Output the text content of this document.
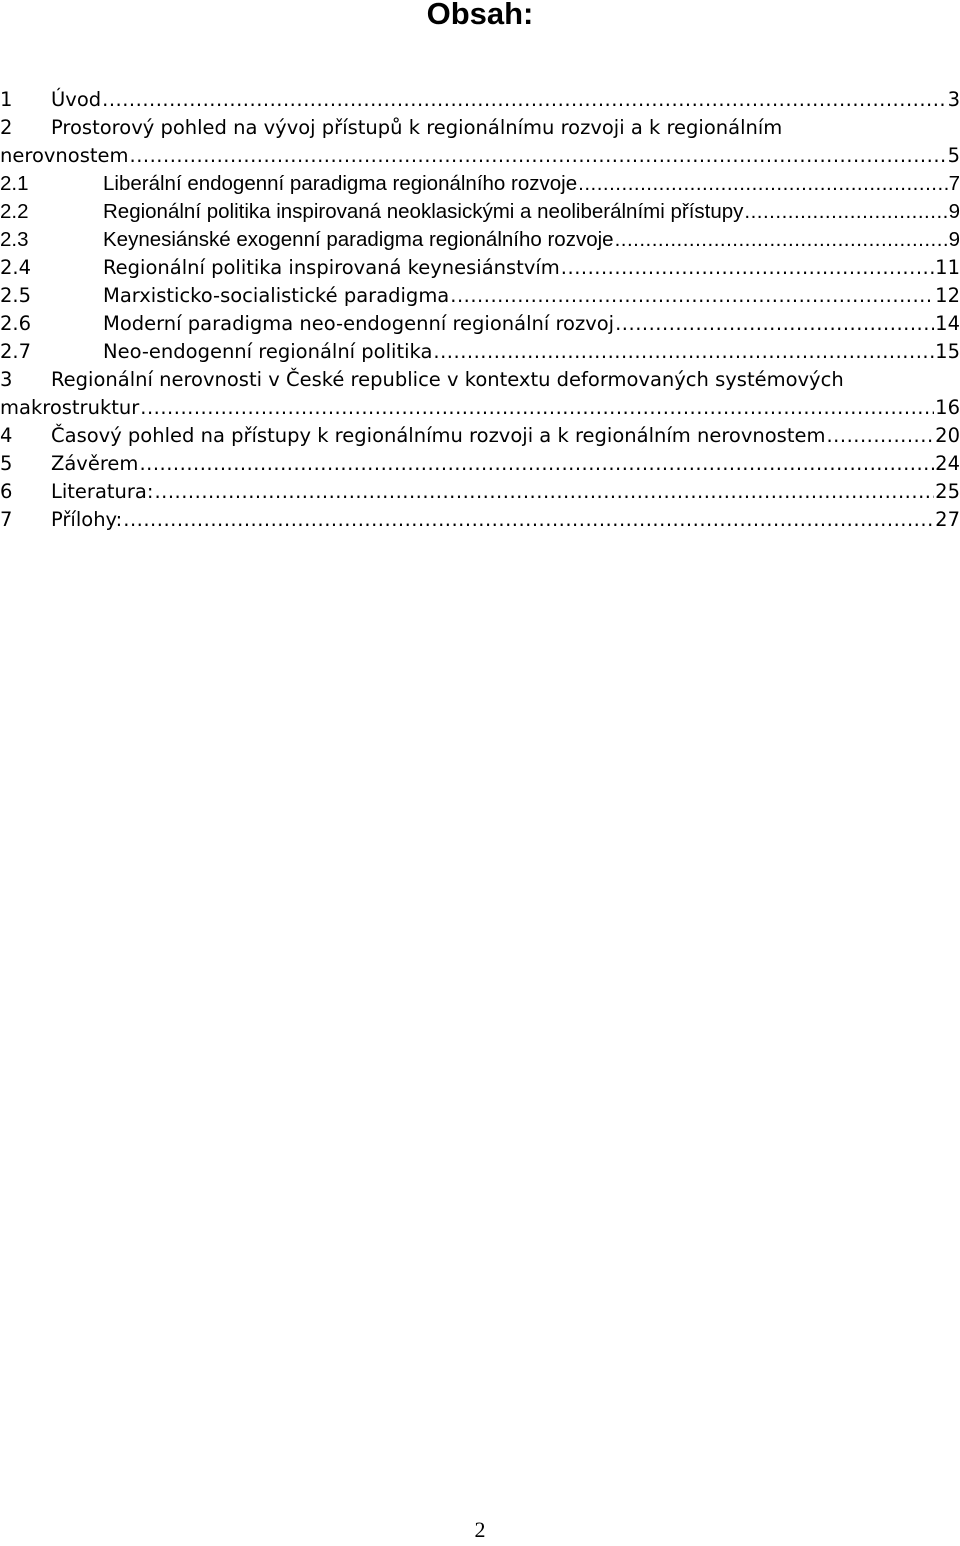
Obsah:
1 Úvod .....	3
2 Prostorový pohled na vývoj přístupů k regionálnímu rozvoji a k regionálním
nerovnostem .....	5
2.1	Liberální endogenní paradigma regionálního rozvoje .....	7
2.2	Regionální politika inspirovaná neoklasickými a neoliberálními přístupy .....	9
2.3	Keynesiánské exogenní paradigma regionálního rozvoje .....	9
2.4	Regionální politika inspirovaná keynesiánstvím .....	11
2.5	Marxisticko-socialistické paradigma .....	12
2.6	Moderní paradigma neo-endogenní regionální rozvoj .....	14
2.7	Neo-endogenní regionální politika .....	15
3 Regionální nerovnosti v České republice v kontextu deformovaných systémových
makrostruktur .....	16
4 Časový pohled na přístupy k regionálnímu rozvoji a k regionálním nerovnostem .....	20
5 Závěrem .....	24
6 Literatura: .....	25
7 Přílohy: .....	27
2
